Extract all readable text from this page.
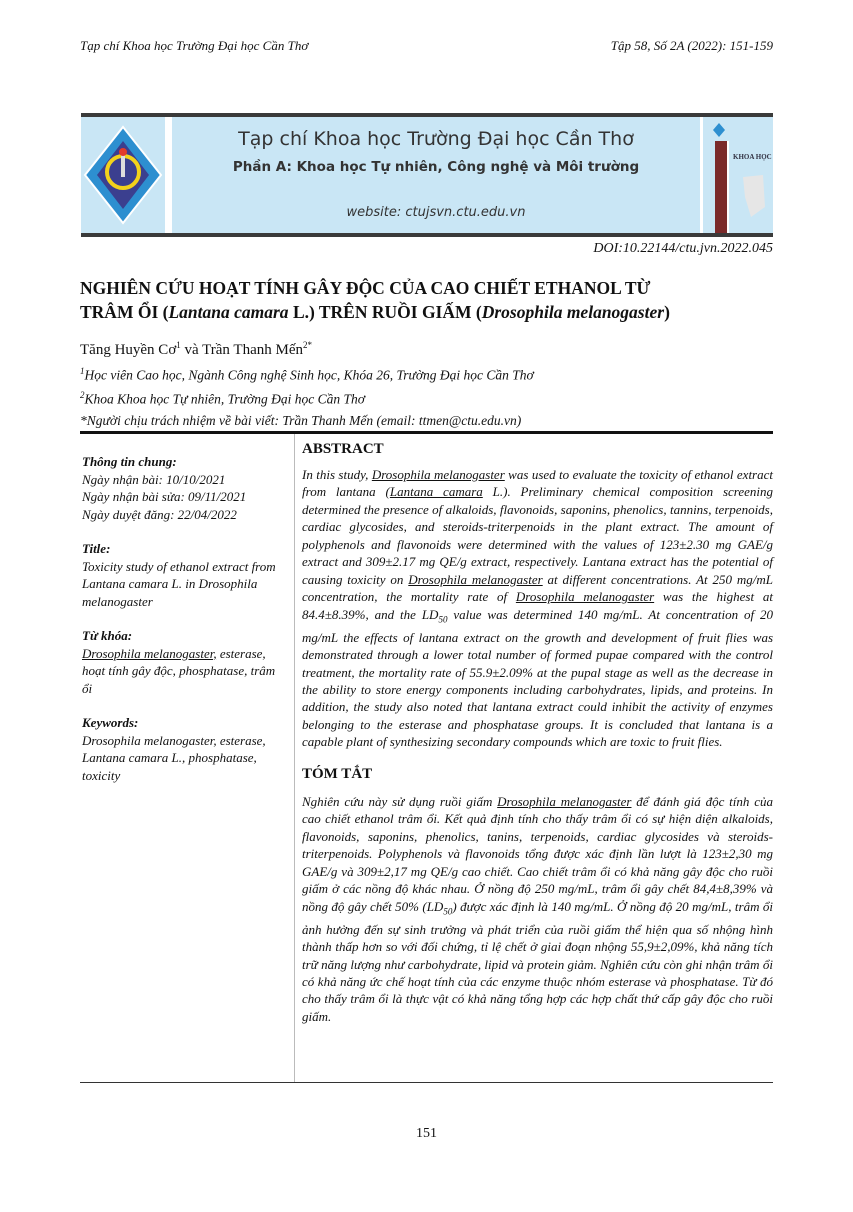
Tạp chí Khoa học Trường Đại học Cần Thơ	Tập 58, Số 2A (2022): 151-159
Tạp chí Khoa học Trường Đại học Cần Thơ
Phần A: Khoa học Tự nhiên, Công nghệ và Môi trường
website: ctujsvn.ctu.edu.vn
KHOA HỌC
DOI:10.22144/ctu.jvn.2022.045
NGHIÊN CỨU HOẠT TÍNH GÂY ĐỘC CỦA CAO CHIẾT ETHANOL TỪ
TRÂM ỔI (Lantana camara L.) TRÊN RUỒI GIẤM (Drosophila melanogaster)
Tăng Huyền $Cơ^1$ và Trần Thanh Mến$^{2*}$
$^1$Học viên Cao học, Ngành Công nghệ Sinh học, Khóa 26, Trường Đại học Cần Thơ
$^2$Khoa Khoa học Tự nhiên, Trường Đại học Cần Thơ
*Người chịu trách nhiệm về bài viết: Trần Thanh Mến (email: ttmen@ctu.edu.vn)
Thông tin chung:
Ngày nhận bài: 10/10/2021
Ngày nhận bài sửa: 09/11/2021
Ngày duyệt đăng: 22/04/2022
Title:
Toxicity study of ethanol extract from Lantana camara L. in Drosophila melanogaster
Từ khóa:
Drosophila melanogaster, esterase, hoạt tính gây độc, phosphatase, trâm ổi
Keywords:
Drosophila melanogaster, esterase, Lantana camara L., phosphatase, toxicity
ABSTRACT
In this study, Drosophila melanogaster was used to evaluate the toxicity of ethanol extract from lantana (Lantana camara L.). Preliminary chemical composition screening determined the presence of alkaloids, flavonoids, saponins, phenolics, tannins, terpenoids, cardiac glycosides, and steroids-triterpenoids in the plant extract. The amount of polyphenols and flavonoids were determined with the values of 123±2.30 mg GAE/g extract and 309±2.17 mg QE/g extract, respectively. Lantana extract has the potential of causing toxicity on Drosophila melanogaster at different concentrations. At 250 mg/mL concentration, the mortality rate of Drosophila melanogaster was the highest at 84.4±8.39%, and the $LD_{50}$ value was determined 140 mg/mL. At concentration of 20 mg/mL the effects of lantana extract on the growth and development of fruit flies was demonstrated through a lower total number of formed pupae compared with the control treatment, the mortality rate of 55.9±2.09% at the pupal stage as well as the decrease in the ability to store energy components including carbohydrates, lipids, and proteins. In addition, the study also noted that lantana extract could inhibit the activity of enzymes belonging to the esterase and phosphatase groups. It is concluded that lantana is a capable plant of synthesizing secondary compounds which are toxic to fruit flies.
TÓM TẮT
Nghiên cứu này sử dụng ruồi giấm Drosophila melanogaster để đánh giá độc tính của cao chiết ethanol trâm ổi. Kết quả định tính cho thấy trâm ổi có sự hiện diện alkaloids, flavonoids, saponins, phenolics, tanins, terpenoids, cardiac glycosides và steroids-triterpenoids. Polyphenols và flavonoids tổng được xác định lần lượt là 123±2,30 mg GAE/g và 309±2,17 mg QE/g cao chiết. Cao chiết trâm ổi có khả năng gây độc cho ruồi giấm ở các nồng độ khác nhau. Ở nồng độ 250 mg/mL, trâm ổi gây chết 84,4±8,39% và nồng độ gây chết 50% $(LD_{50})$ được xác định là 140 mg/mL. Ở nồng độ 20 mg/mL, trâm ổi ảnh hưởng đến sự sinh trưởng và phát triển của ruồi giấm thể hiện qua số nhộng hình thành thấp hơn so với đối chứng, tỉ lệ chết ở giai đoạn nhộng 55,9±2,09%, khả năng tích trữ năng lượng như carbohydrate, lipid và protein giảm. Nghiên cứu còn ghi nhận trâm ổi có khả năng ức chế hoạt tính của các enzyme thuộc nhóm esterase và phosphatase. Từ đó cho thấy trâm ổi là thực vật có khả năng tổng hợp các hợp chất thứ cấp gây độc cho ruồi giấm.
151
